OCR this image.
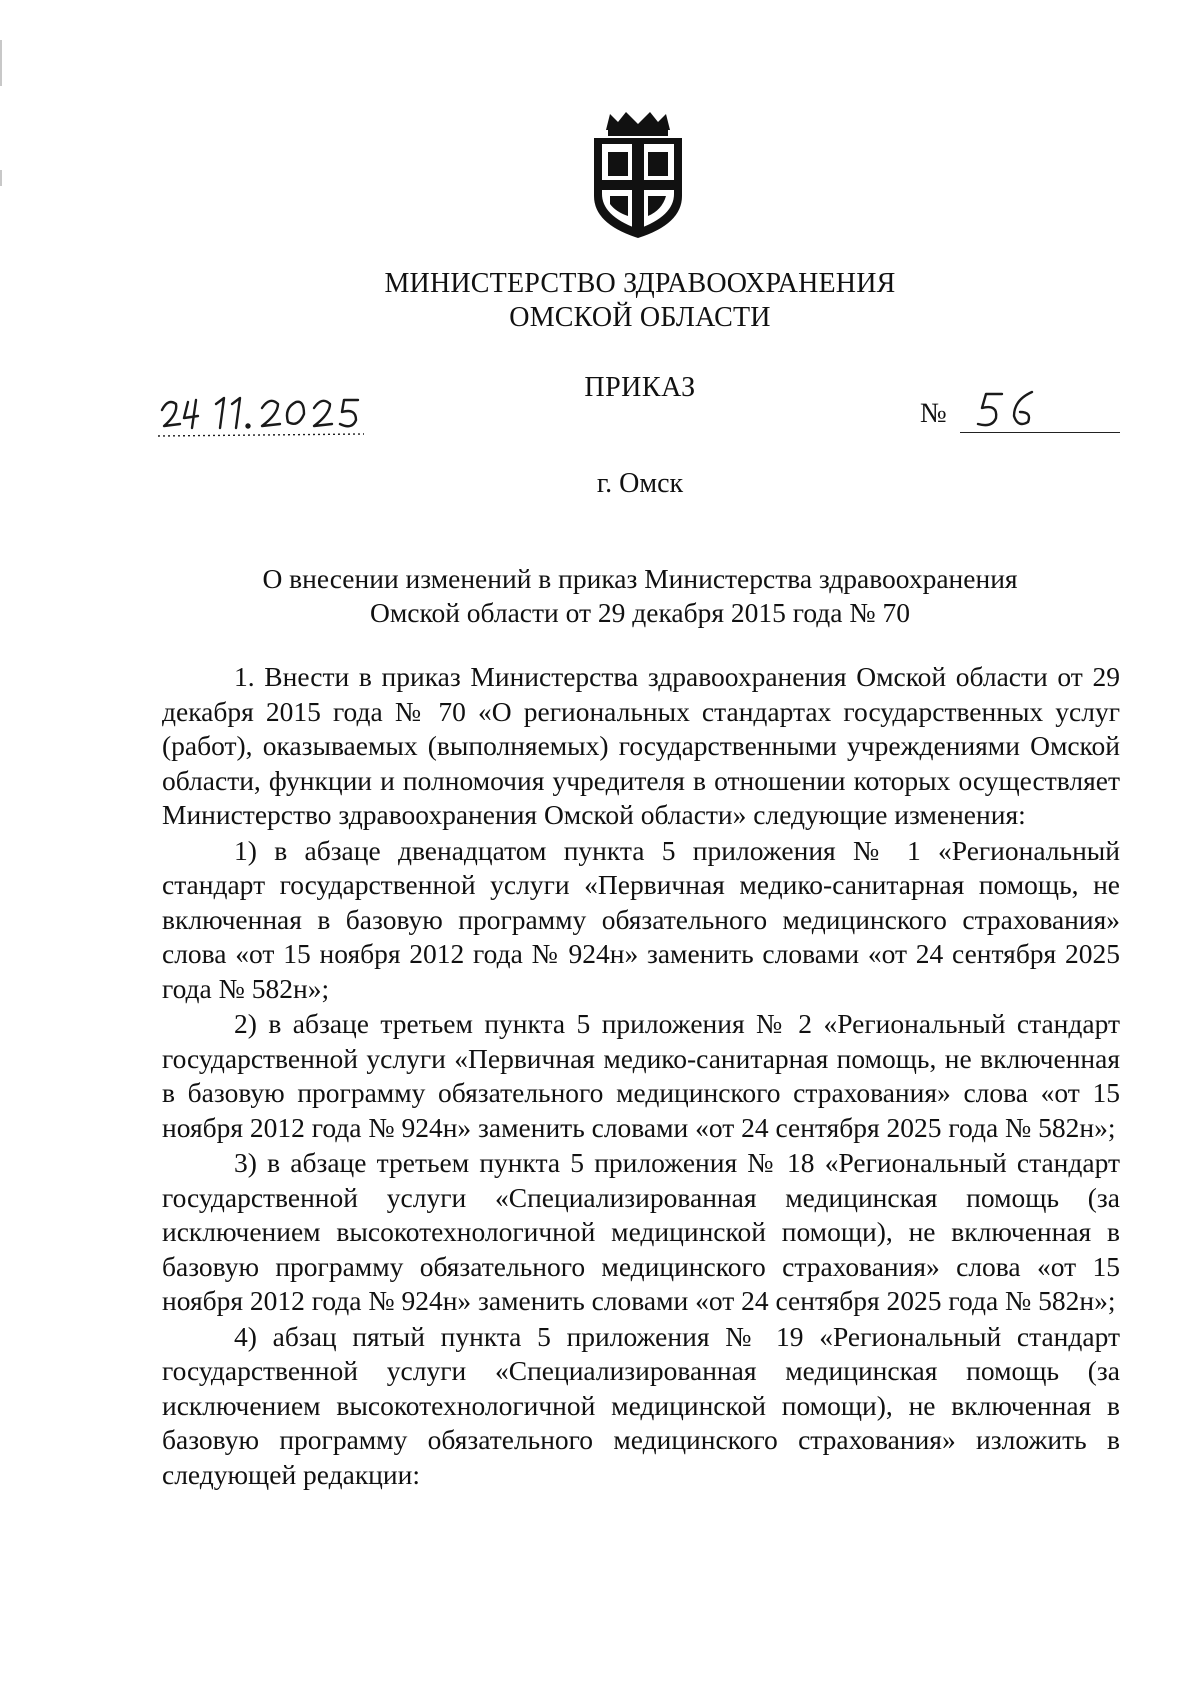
МИНИСТЕРСТВО ЗДРАВООХРАНЕНИЯ
ОМСКОЙ ОБЛАСТИ
ПРИКАЗ
№
г. Омск
О внесении изменений в приказ Министерства здравоохранения
Омской области от 29 декабря 2015 года № 70

1. Внести в приказ Министерства здравоохранения Омской области от 29 декабря 2015 года № 70 «О региональных стандартах государственных услуг (работ), оказываемых (выполняемых) государственными учреждениями Омской области, функции и полномочия учредителя в отношении которых осуществляет Министерство здравоохранения Омской области» следующие изменения:

1) в абзаце двенадцатом пункта 5 приложения № 1 «Региональный стандарт государственной услуги «Первичная медико-санитарная помощь, не включенная в базовую программу обязательного медицинского страхования» слова «от 15 ноября 2012 года № 924н» заменить словами «от 24 сентября 2025 года № 582н»;

2) в абзаце третьем пункта 5 приложения № 2 «Региональный стандарт государственной услуги «Первичная медико-санитарная помощь, не включенная в базовую программу обязательного медицинского страхования» слова «от 15 ноября 2012 года № 924н» заменить словами «от 24 сентября 2025 года № 582н»;

3) в абзаце третьем пункта 5 приложения № 18 «Региональный стандарт государственной услуги «Специализированная медицинская помощь (за исключением высокотехнологичной медицинской помощи), не включенная в базовую программу обязательного медицинского страхования» слова «от 15 ноября 2012 года № 924н» заменить словами «от 24 сентября 2025 года № 582н»;

4) абзац пятый пункта 5 приложения № 19 «Региональный стандарт государственной услуги «Специализированная медицинская помощь (за исключением высокотехнологичной медицинской помощи), не включенная в базовую программу обязательного медицинского страхования» изложить в следующей редакции:
